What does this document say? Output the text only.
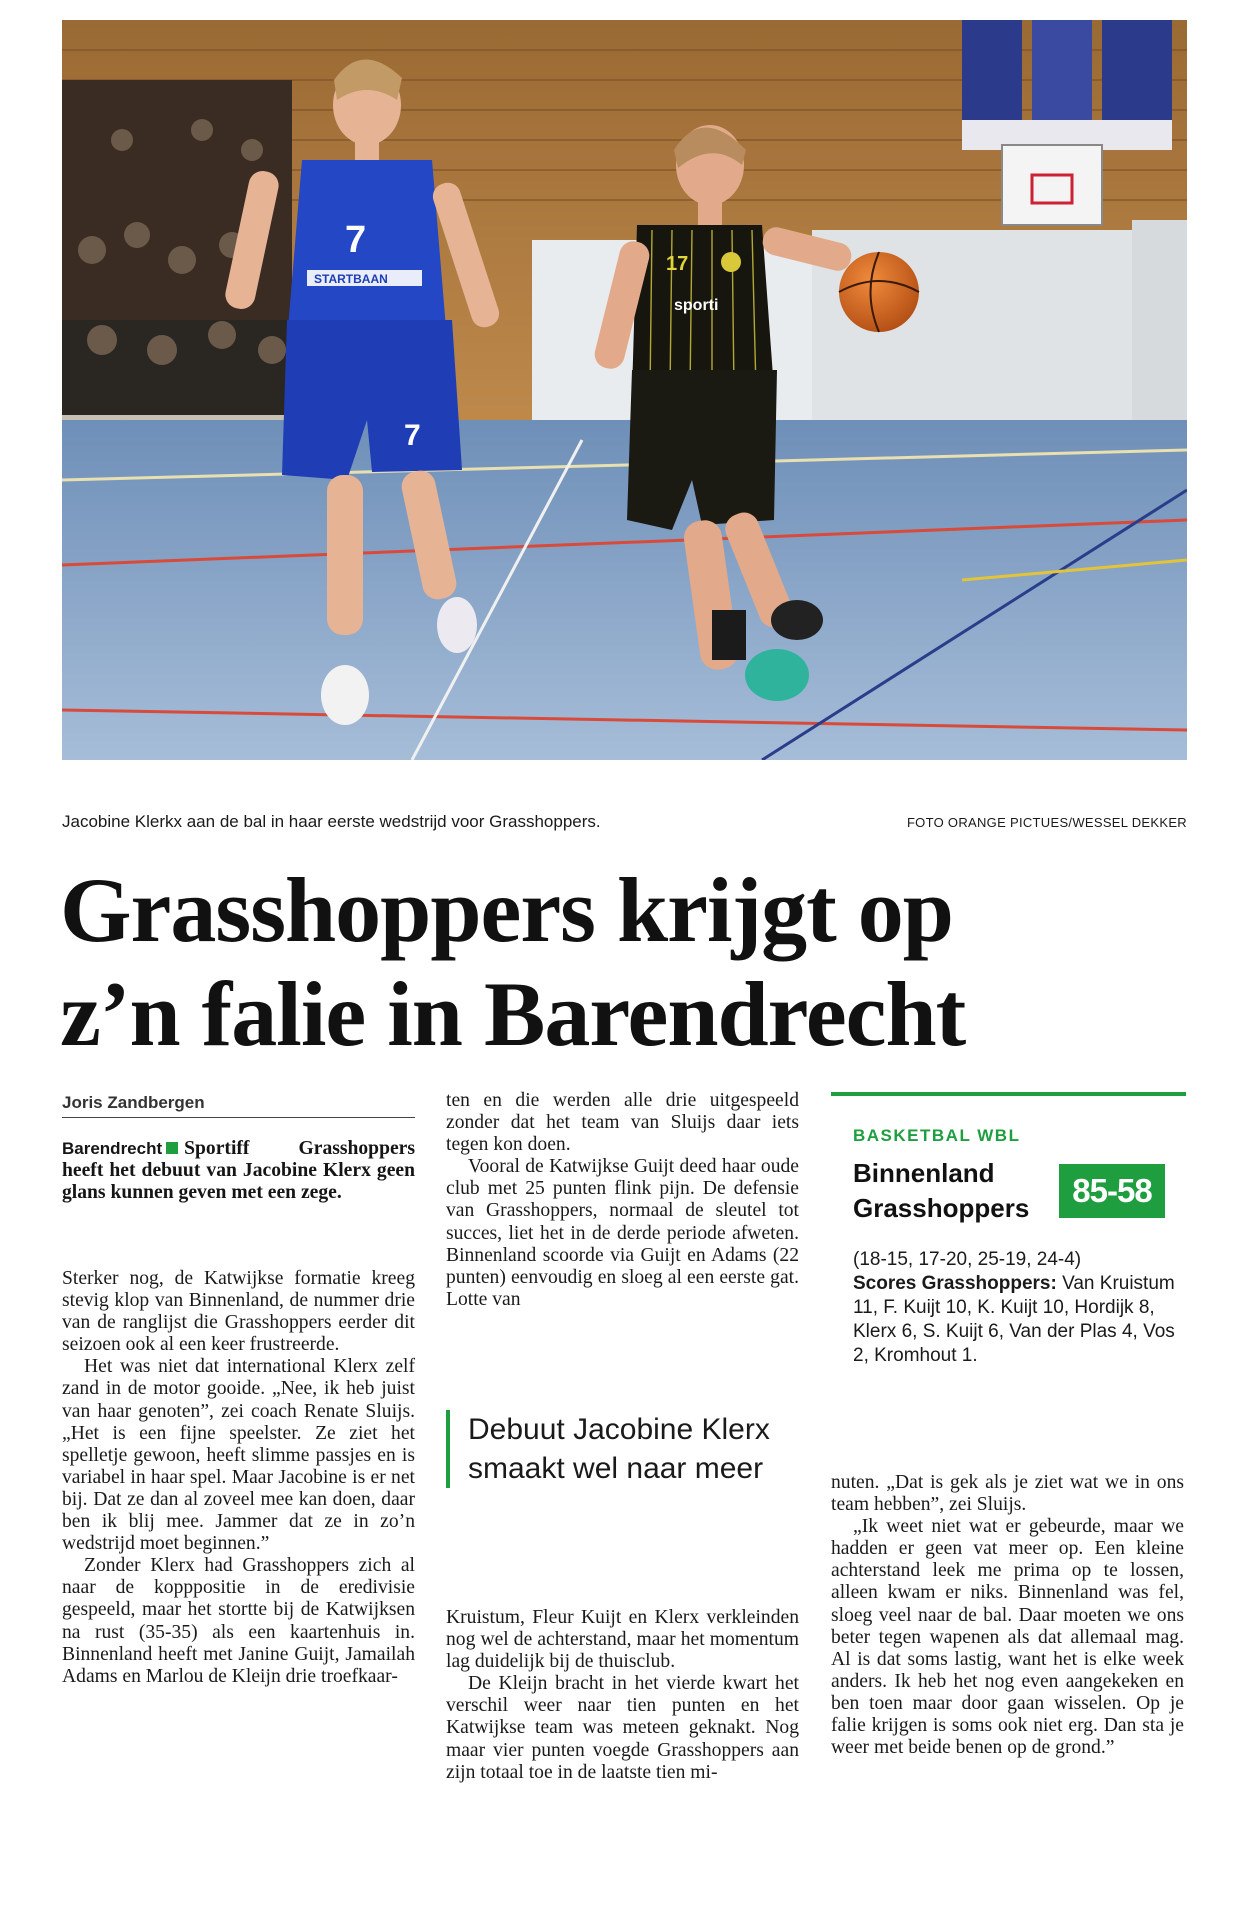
7
7
STARTBAAN
17
sporti
Jacobine Klerkx aan de bal in haar eerste wedstrijd voor Grasshoppers.	FOTO ORANGE PICTUES/WESSEL DEKKER
Grasshoppers krijgt op
z’n falie in Barendrecht
Joris Zandbergen
Barendrecht Sportiff Grasshoppers heeft het debuut van Jacobine Klerx geen glans kunnen geven met een zege.

Sterker nog, de Katwijkse formatie kreeg stevig klop van Binnenland, de nummer drie van de ranglijst die Grasshoppers eerder dit seizoen ook al een keer frustreerde.

Het was niet dat international Klerx zelf zand in de motor gooide. „Nee, ik heb juist van haar genoten”, zei coach Renate Sluijs. „Het is een fijne speelster. Ze ziet het spelletje gewoon, heeft slimme passjes en is variabel in haar spel. Maar Jacobine is er net bij. Dat ze dan al zoveel mee kan doen, daar ben ik blij mee. Jammer dat ze in zo’n wedstrijd moet beginnen.”

Zonder Klerx had Grasshoppers zich al naar de kopppositie in de eredivisie gespeeld, maar het stortte bij de Katwijksen na rust (35-35) als een kaartenhuis in. Binnenland heeft met Janine Guijt, Jamailah Adams en Marlou de Kleijn drie troefkaar-

ten en die werden alle drie uitgespeeld zonder dat het team van Sluijs daar iets tegen kon doen.

Vooral de Katwijkse Guijt deed haar oude club met 25 punten flink pijn. De defensie van Grasshoppers, normaal de sleutel tot succes, liet het in de derde periode afweten. Binnenland scoorde via Guijt en Adams (22 punten) eenvoudig en sloeg al een eerste gat. Lotte van

Debuut Jacobine Klerx smaakt wel naar meer

Kruistum, Fleur Kuijt en Klerx verkleinden nog wel de achterstand, maar het momentum lag duidelijk bij de thuisclub.

De Kleijn bracht in het vierde kwart het verschil weer naar tien punten en het Katwijkse team was meteen geknakt. Nog maar vier punten voegde Grasshoppers aan zijn totaal toe in de laatste tien mi-

BASKETBAL WBL
Binnenland
Grasshoppers	85-58
(18-15, 17-20, 25-19, 24-4)
Scores Grasshoppers: Van Kruistum 11, F. Kuijt 10, K. Kuijt 10, Hordijk 8, Klerx 6, S. Kuijt 6, Van der Plas 4, Vos 2, Kromhout 1.

nuten. „Dat is gek als je ziet wat we in ons team hebben”, zei Sluijs.

„Ik weet niet wat er gebeurde, maar we hadden er geen vat meer op. Een kleine achterstand leek me prima op te lossen, alleen kwam er niks. Binnenland was fel, sloeg veel naar de bal. Daar moeten we ons beter tegen wapenen als dat allemaal mag. Al is dat soms lastig, want het is elke week anders. Ik heb het nog even aangekeken en ben toen maar door gaan wisselen. Op je falie krijgen is soms ook niet erg. Dan sta je weer met beide benen op de grond.”
